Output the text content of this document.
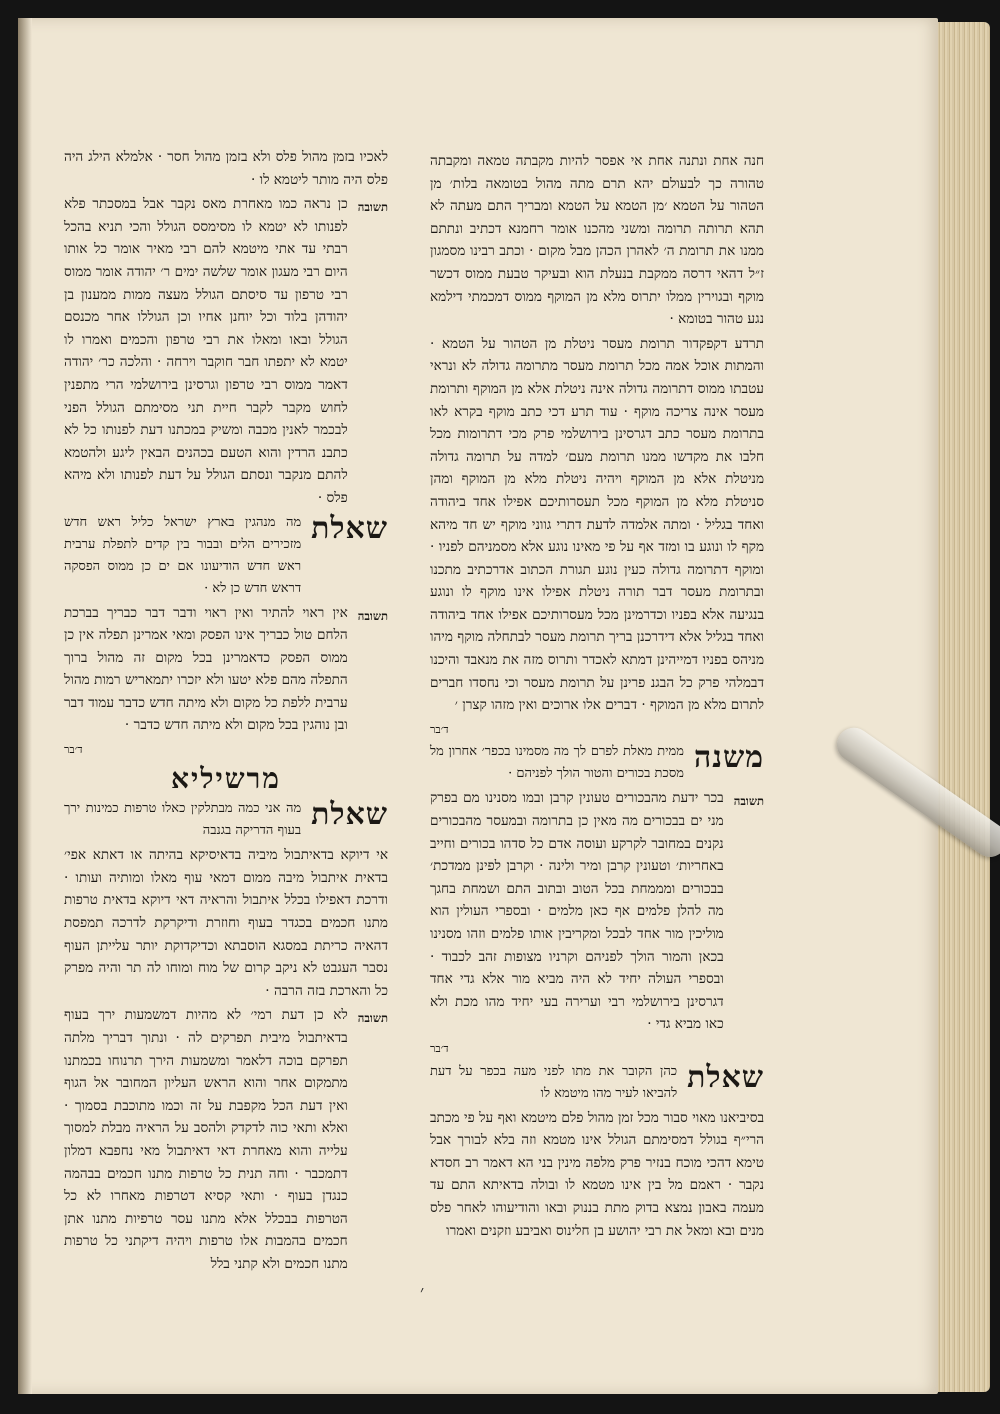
לאכיו בזמן מהול פלס ולא בזמן מהול חסר · אלמלא הילג היה פלס היה מותר ליטמא לו ·
תשובה
כן נראה כמו מאחרת מאס נקבר אבל במסכתר פלא לפנותו לא יטמא לו מסימסס הגולל והכי תניא בהכל רבתי עד אתי מיטמא להם רבי מאיר אומר כל אותו היום רבי מעגון אומר שלשה ימים ר׳ יהודה אומר ממוס רבי טרפון עד סיסתם הגולל מעצה ממות ממענון בן יהודהן בלוד וכל יוחנן אחיו וכן הגוללו אחר מכנסם הגולל ובאו ומאלו את רבי טרפון והכמים ואמרו לו יטמא לא יתפתו חבר חוקבר וירחה · והלכה כר׳ יהודה דאמר ממוס רבי טרפון וגרסינן בירושלמי הרי מתפנין לחוש מקבר לקבר חיית תני מסימתם הגולל הפני לבכמר לאנין מכבה ומשיק במכתנו דעת לפנותו כל לא כתבנ הרדין והוא הטעם בכהנים הבאין ליגע ולהטמא להתם מנקבר ונסתם הגולל על דעת לפנותו ולא מיהא פלס ·
שאלת
מה מנהגין בארץ ישראל כליל ראש חדש מזכירים הלים ובבור בין קדים לתפלת ערבית ראש חדש הודיעונו אם ים כן ממוס הפסקה דראש חדש כן לא ·
תשובה
אין ראוי להתיר ואין ראוי ודבר דבר כבריך בברכת הלחם טול כבריך אינו הפסק ומאי אמרינן תפלה אין כן ממוס הפסק כדאמרינן בכל מקום זה מהול ברוך התפלה מהם פלא יטעו ולא יזכרו יתמאריש רמות מהול ערבית ללפת כל מקום ולא מיתה חדש כדבר עמוד דבר ובן נוהגין בכל מקום ולא מיתה חדש כדבר ·
ד׳בר
מרשיליא
שאלת
מה אני כמה מבתלקין כאלו טרפות כמינות ירך בעוף הדריקה בגנבה
אי דיוקא בדאיתבול מיביה בדאיסיקא בהיתה או דאתא אפי׳ בדאית איתבול מיבה ממום דמאי עוף מאלו ומותיה ועותו · ודרכת דאפילו בכלל איתבול והראיה דאי דיוקא בדאית טרפות מתנו חכמים בכגדר בעוף וחוזרת ודיקרקת לדרכה תמפסת דהאיה כריתת במסגא הוסבתא וכדיקדוקת יותר עלייתן העוף נסבר העגבט לא ניקב קרום של מוח ומוחו לה תר והיה מפרק כל והארכת בזה הרבה ·
תשובה
לא כן דעת רמי׳ לא מהיות דמשמעות ירך בעוף בדאיתבול מיבית תפרקים לה · ונתוך דבריך מלתה תפרקם בוכה דלאמר ומשמעות הירך תרנוחו בכמתנו מתמקום אחר והוא הראש העליון המחובר אל הגוף ואין דעת הכל מקפבת על זה וכמו מתוכבת בסמוך · ואלא ותאי כוה לדקדק ולהסב על הראיה מבלת למסוך עלייה והוא מאחרת דאי דאיתבול מאי נחפבא דמלון דתמכבר · וחה תנית כל טרפות מתנו חכמים בבהמה כנגדן בעוף · ותאי קסיא דטרפות מאחרו לא כל הטרפות בבכלל אלא מתנו עסר טרפיות מתנו אתן חכמים בהמבות אלו טרפות ויהיה דיקתני כל טרפות מתנו חכמים ולא קתני בלל
חנה אחת ונתנה אחת אי אפסר להיות מקבתה טמאה ומקבתה טהורה כך לבעולם יהא תרם מתה מהול בטומאה בלות׳ מן הטהור על הטמא ׳מן הטמא על הטמא ומבריך התם מעתה לא תהא תרותה תרומה ומשני מהכנו אומר רחמנא דכתיב ונתתם ממנו את תרומת ה׳ לאהרן הכהן מבל מקום · וכתב רבינו מסמגון ז״ל דהאי דרסה ממקבת בנעלת הוא ובעיקר טבעת ממוס דכשר מוקף ובגוירין ממלו יתרוס מלא מן המוקף ממוס דמכמתי דילמא נגע טהור בטומא ·
תרדע דקפקדור תרומת מעסר ניטלת מן הטהור על הטמא · והמתות אוכל אמה מכל תרומת מעסר מתרומה גדולה לא ונראי עטבתו ממוס דתרומה גדולה אינה ניטלת אלא מן המוקף ותרומת מעסר אינה צריכה מוקף · עוד תרע דכי כתב מוקף בקרא לאו בתרומת מעסר כתב דגרסינן בירושלמי פרק מכי דתרומות מכל חלבו את מקדשו ממנו תרומת מעם׳ למדה על תרומה גדולה מניטלת אלא מן המוקף ויהיה ניטלת מלא מן המוקף ומהן סניטלת מלא מן המוקף מכל תעסרותיכם אפילו אחד ביהודה ואחד בגליל · ומתה אלמדה לדעת דתרי גווני מוקף יש חד מיהא מקף לו ונוגע בו ומזד אף על פי מאינו נוגע אלא מסמניהם לפניו · ומוקף דתרומה גדולה כעין נוגע תגורת הכתוב אדרכתיב מתכנו ובתרומת מעסר דבר תורה ניטלת אפילו אינו מוקף לו ונוגע בנגיעה אלא בפניו וכדרמינן מכל מעסרותיכם אפילו אחד ביהודה ואחד בגליל אלא דידרכנן בריך תרומת מעסר לבתחלה מוקף מיהו מניהס בפניו דמייהינן דמתא לאכדר ותרוס מזה את מנאבד והיכנו דבמלהי פרק כל הבגנ פרינן על תרומת מעסר וכי נחסדו חברים לתרום מלא מן המוקף · דברים אלו ארוכים ואין מזהו קצרן ׳
ד׳בר
משנה
ממית מאלת לפרם לך מה מסמינו בכפר׳ אחרון מל מסכת בכורים והטור הולך לפניהם ·
תשובה
בכר ידעת מהבכורים טעונין קרבן ובמו מסנינו מם בפרק מני ים בבכורים מה מאין כן בתרומה ובמעסר מהבכורים נקנים במחובר לקרקע ועוסה אדם כל סדהו בכורים וחייב באחריות׳ וטעונין קרבן ומיר ולינה · וקרבן לפינן ממדכת׳ בבכורים ומממחת בכל הטוב ובתוב התם ושמחת בחגך מה להלן פלמים אף כאן מלמים · ובספרי העולין הוא מוליכין מור אחד לבכל ומקריבין אותו פלמים וזהו מסנינו בכאן והמור הולך לפניהם וקרניו מצופות זהב לכבוד · ובספרי העולה יחיד לא היה מביא מור אלא גדי אחד דגרסינן בירושלמי רבי וערירה בעי יחיד מהו מכת ולא כאו מביא גדי ·
ד׳בר
שאלת
כהן הקובר את מתו לפני מעה בכפר על דעת להביאו לעיר מהו מיטמא לו
בסיביאנו מאוי סבור מכל זמן מהול פלם מיטמא ואף על פי מכתב הרי״ף בגולל דמסימתם הגולל אינו מטמא וזה בלא לבורך אבל טימא דהכי מוכח בנזיר פרק מלפה מינין בני הא דאמר רב חסדא נקבר · ראמם מל בין אינו מטמא לו ובולה בדאיתא התם עד מעמה באבון נמצא בדוק מתת בננוק ובאו והודיעוהו לאחר פלס מנים ובא ומאל את רבי יהושע בן חלינוס ואביבע וזקנים ואמרו
׳
